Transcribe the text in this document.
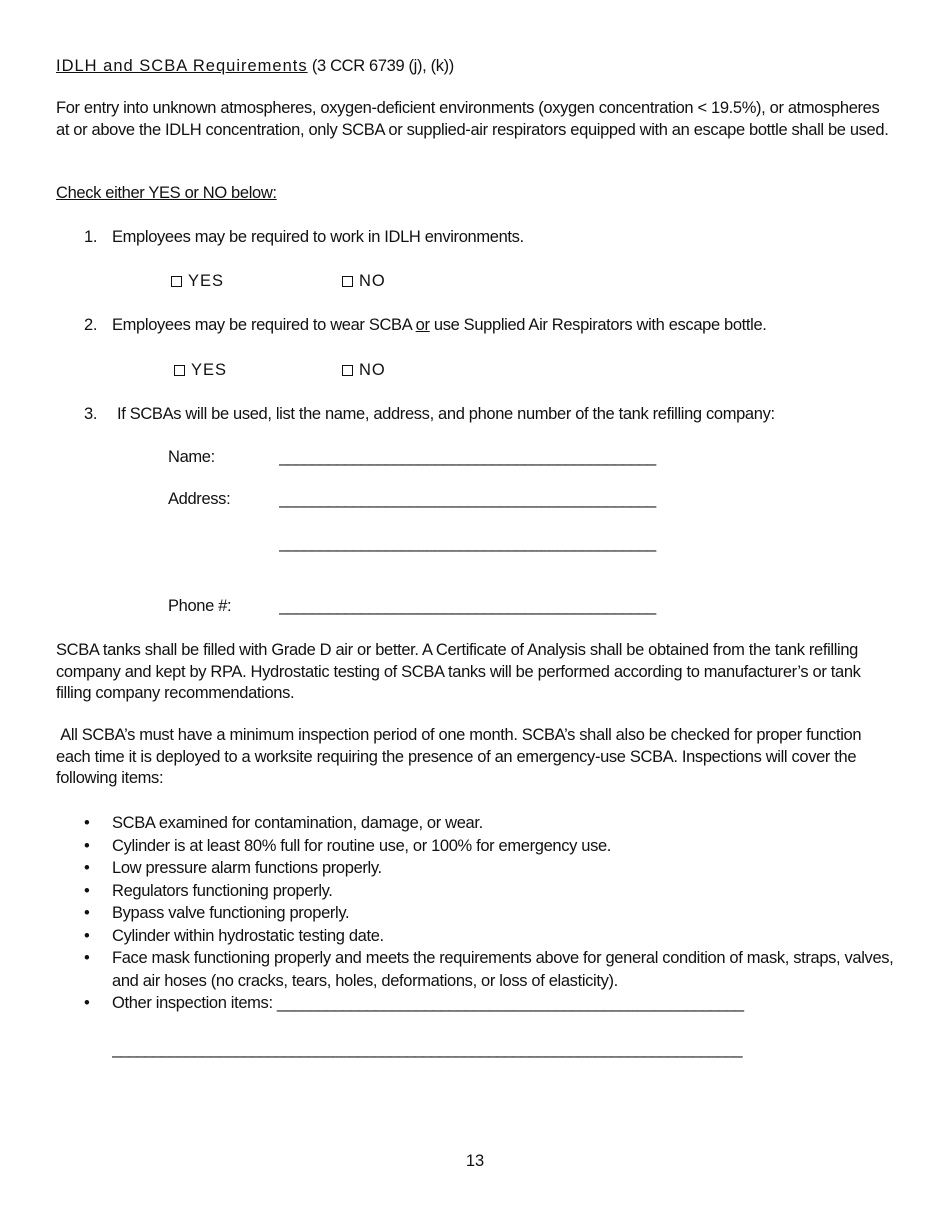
IDLH and SCBA Requirements (3 CCR 6739 (j), (k))
For entry into unknown atmospheres, oxygen-deficient environments (oxygen concentration < 19.5%), or atmospheres at or above the IDLH concentration, only SCBA or supplied-air respirators equipped with an escape bottle shall be used.
Check either YES or NO below:
1. Employees may be required to work in IDLH environments.
YES	NO
2. Employees may be required to wear SCBA or use Supplied Air Respirators with escape bottle.
YES	NO
3. If SCBAs will be used, list the name, address, and phone number of the tank refilling company:
Name:	______________________________________________
Address:	______________________________________________
______________________________________________
Phone #:	______________________________________________
SCBA tanks shall be filled with Grade D air or better. A Certificate of Analysis shall be obtained from the tank refilling company and kept by RPA. Hydrostatic testing of SCBA tanks will be performed according to manufacturer’s or tank filling company recommendations.
All SCBA’s must have a minimum inspection period of one month. SCBA’s shall also be checked for proper function each time it is deployed to a worksite requiring the presence of an emergency-use SCBA. Inspections will cover the following items:
• SCBA examined for contamination, damage, or wear.
• Cylinder is at least 80% full for routine use, or 100% for emergency use.
• Low pressure alarm functions properly.
• Regulators functioning properly.
• Bypass valve functioning properly.
• Cylinder within hydrostatic testing date.
• Face mask functioning properly and meets the requirements above for general condition of mask, straps, valves, and air hoses (no cracks, tears, holes, deformations, or loss of elasticity).
• Other inspection items: _________________________________________________________
_____________________________________________________________________________
13
